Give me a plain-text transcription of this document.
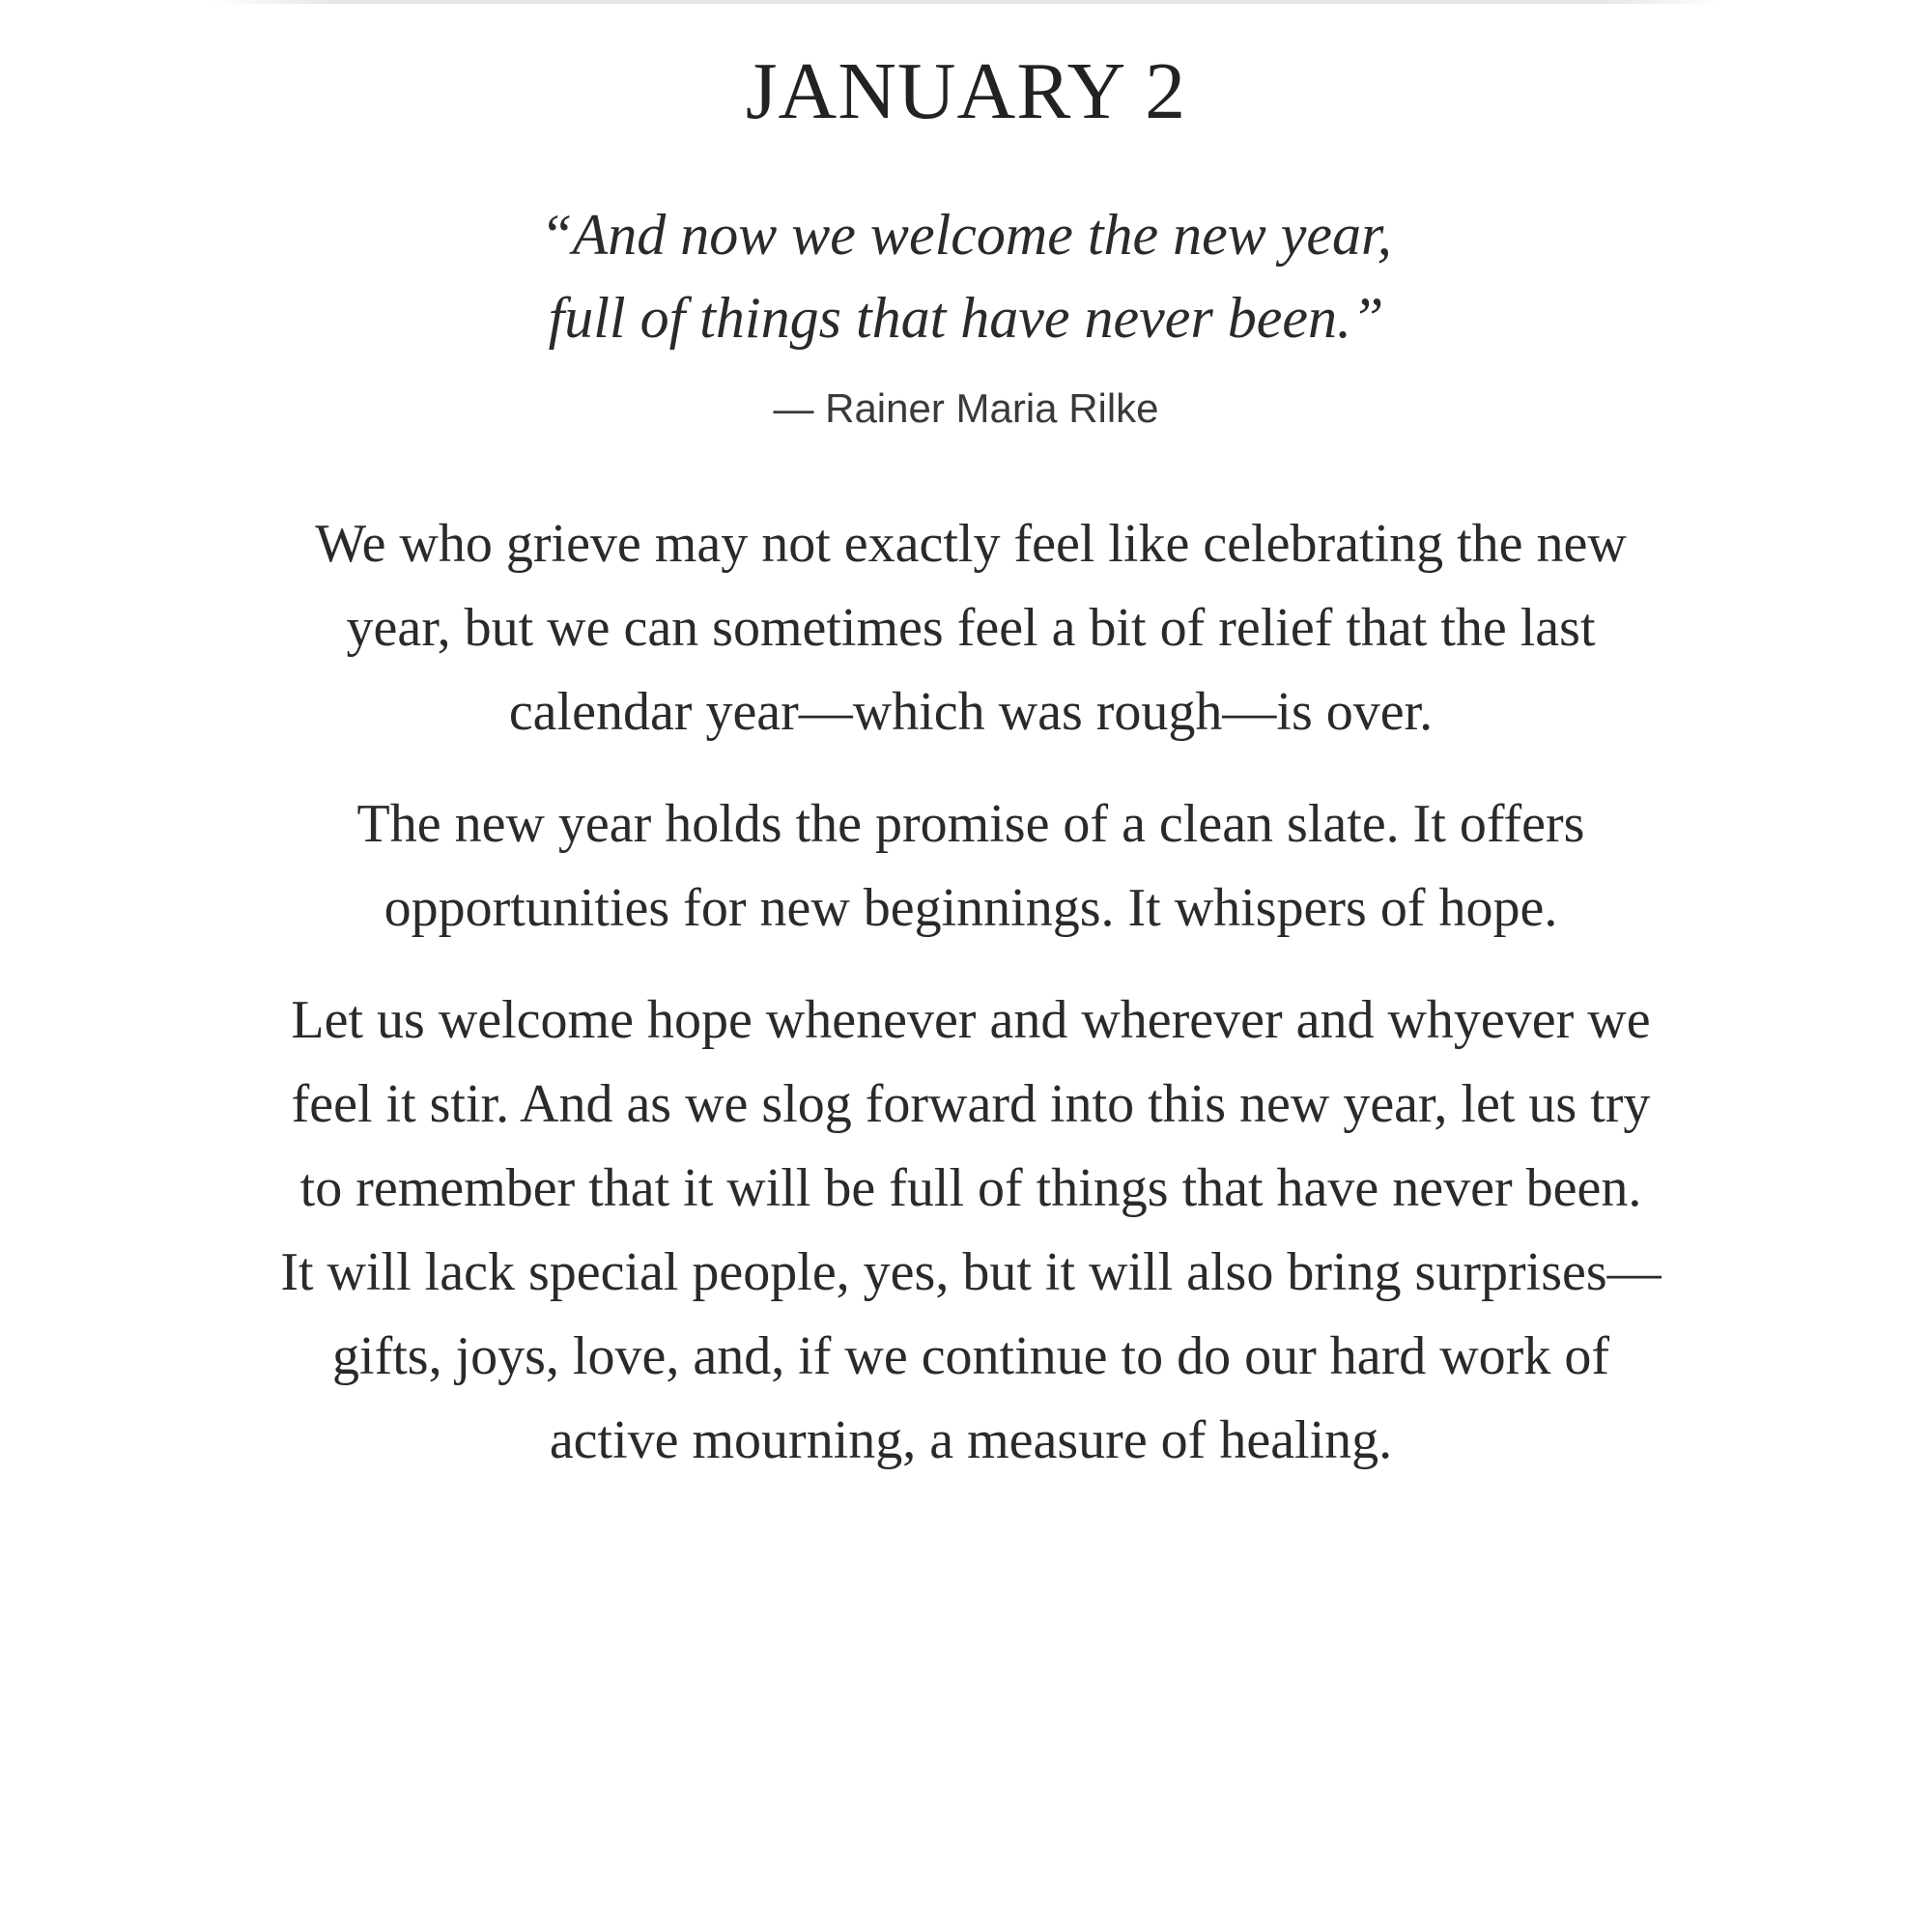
JANUARY 2

“And now we welcome the new year,
full of things that have never been.”

— Rainer Maria Rilke

We who grieve may not exactly feel like celebrating the new
year, but we can sometimes feel a bit of relief that the last
calendar year—which was rough—is over.

The new year holds the promise of a clean slate. It offers
opportunities for new beginnings. It whispers of hope.

Let us welcome hope whenever and wherever and whyever we
feel it stir. And as we slog forward into this new year, let us try
to remember that it will be full of things that have never been.
It will lack special people, yes, but it will also bring surprises—
gifts, joys, love, and, if we continue to do our hard work of
active mourning, a measure of healing.
